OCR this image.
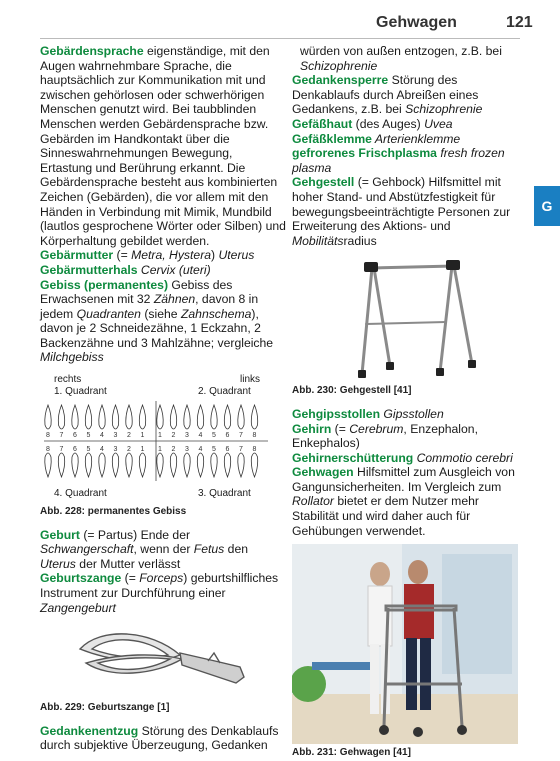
Gehwagen	121
G

Gebärdensprache eigenständige, mit den Augen wahrnehmbare Sprache, die hauptsächlich zur Kommunikation mit und zwischen gehörlosen oder schwerhörigen Menschen genutzt wird. Bei taubblinden Menschen werden Gebärdensprache bzw. Gebärden im Handkontakt über die Sinneswahrnehmungen Bewegung, Ertastung und Berührung erkannt. Die Gebärdensprache besteht aus kombinierten Zeichen (Gebärden), die vor allem mit den Händen in Verbindung mit Mimik, Mundbild (lautlos gesprochene Wörter oder Silben) und Körperhaltung gebildet werden.

Gebärmutter (= Metra, Hystera) Uterus

Gebärmutterhals Cervix (uteri)

Gebiss (permanentes) Gebiss des Erwachsenen mit 32 Zähnen, davon 8 in jedem Quadranten (siehe Zahnschema), davon je 2 Schneidezähne, 1 Eckzahn, 2 Backenzähne und 3 Mahlzähne; vergleiche Milchgebiss

rechts	links
1. Quadrant	2. Quadrant
8
8
7
7
6
6
5
5
4
4
3
3
2
2
1
1
1
1
2
2
3
3
4
4
5
5
6
6
7
7
8
8
4. Quadrant	3. Quadrant

Abb. 228: permanentes Gebiss

Geburt (= Partus) Ende der Schwangerschaft, wenn der Fetus den Uterus der Mutter verlässt

Geburtszange (= Forceps) geburtshilfliches Instrument zur Durchführung einer Zangengeburt

Abb. 229: Geburtszange [1]

Gedankenentzug Störung des Denkablaufs durch subjektive Überzeugung, Gedanken

würden von außen entzogen, z.B. bei Schizophrenie

Gedankensperre Störung des Denkablaufs durch Abreißen eines Gedankens, z.B. bei Schizophrenie

Gefäßhaut (des Auges) Uvea

Gefäßklemme Arterienklemme

gefrorenes Frischplasma fresh frozen plasma

Gehgestell (= Gehbock) Hilfsmittel mit hoher Stand- und Abstützfestigkeit für bewegungsbeeinträchtigte Personen zur Erweiterung des Aktions- und Mobilitätsradius

Abb. 230: Gehgestell [41]

Gehgipsstollen Gipsstollen

Gehirn (= Cerebrum, Enzephalon, Enkephalos)

Gehirnerschütterung Commotio cerebri

Gehwagen Hilfsmittel zum Ausgleich von Gangunsicherheiten. Im Vergleich zum Rollator bietet er dem Nutzer mehr Stabilität und wird daher auch für Gehübungen verwendet.

Abb. 231: Gehwagen [41]
